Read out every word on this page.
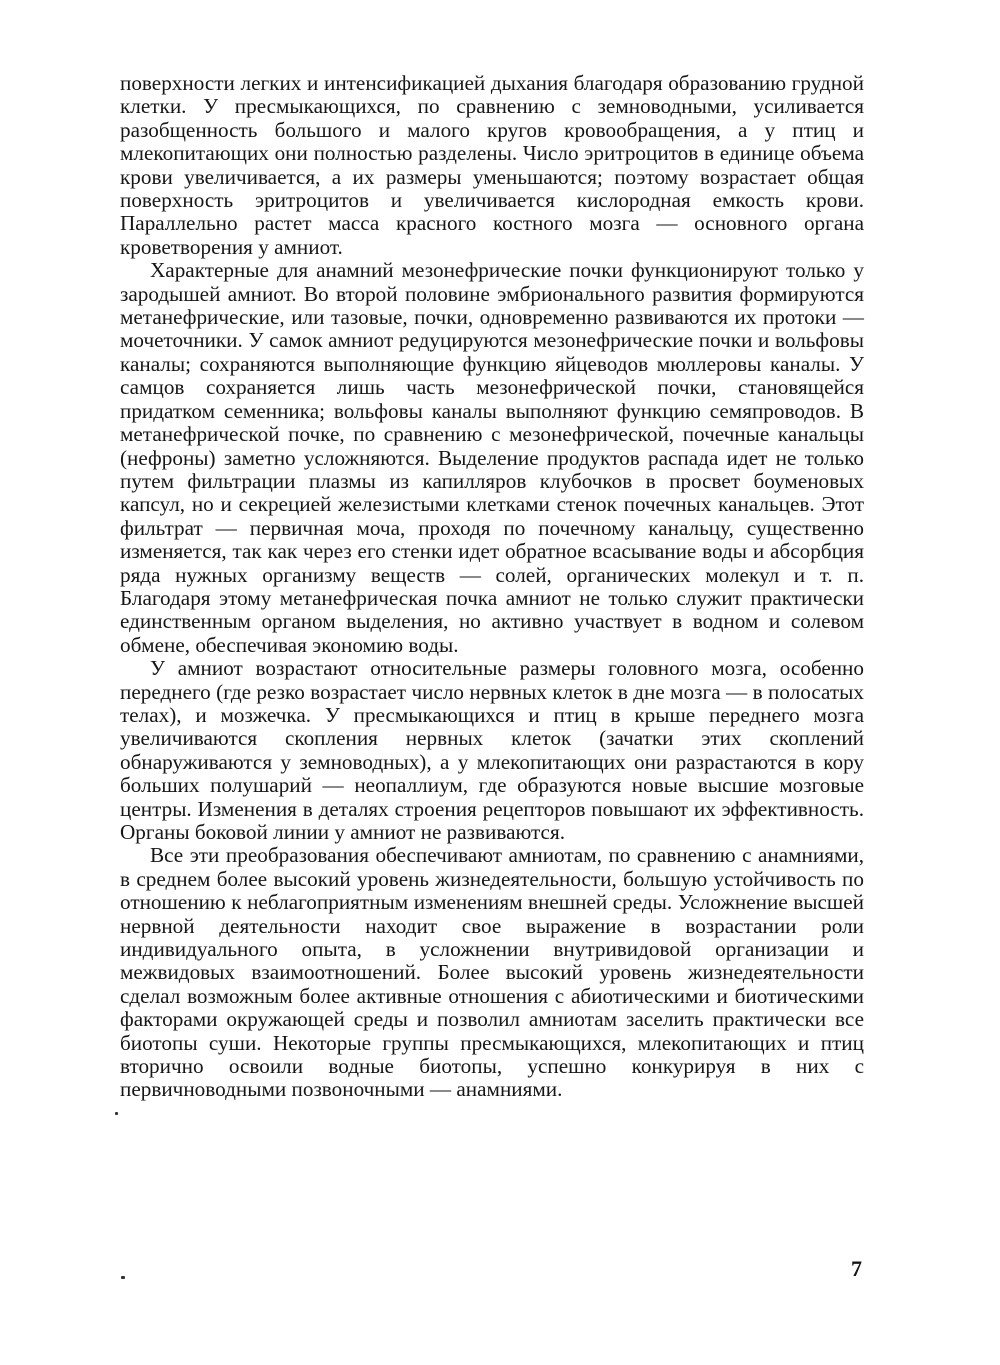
поверхности легких и интенсификацией дыхания благодаря образованию грудной клетки. У пресмыкающихся, по сравнению с земноводными, усиливается разобщенность большого и малого кругов кровообращения, а у птиц и млекопитающих они полностью разделены. Число эритроцитов в единице объема крови увеличивается, а их размеры уменьшаются; поэтому возрастает общая поверхность эритроцитов и увеличивается кислородная емкость крови. Параллельно растет масса красного костного мозга — основного органа кроветворения у амниот.

Характерные для анамний мезонефрические почки функционируют только у зародышей амниот. Во второй половине эмбрионального развития формируются метанефрические, или тазовые, почки, одновременно развиваются их протоки — мочеточники. У самок амниот редуцируются мезонефрические почки и вольфовы каналы; сохраняются выполняющие функцию яйцеводов мюллеровы каналы. У самцов сохраняется лишь часть мезонефрической почки, становящейся придатком семенника; вольфовы каналы выполняют функцию семяпроводов. В метанефрической почке, по сравнению с мезонефрической, почечные канальцы (нефроны) заметно усложняются. Выделение продуктов распада идет не только путем фильтрации плазмы из капилляров клубочков в просвет боуменовых капсул, но и секрецией железистыми клетками стенок почечных канальцев. Этот фильтрат — первичная моча, проходя по почечному канальцу, существенно изменяется, так как через его стенки идет обратное всасывание воды и абсорбция ряда нужных организму веществ — солей, органических молекул и т. п. Благодаря этому метанефрическая почка амниот не только служит практически единственным органом выделения, но активно участвует в водном и солевом обмене, обеспечивая экономию воды.

У амниот возрастают относительные размеры головного мозга, особенно переднего (где резко возрастает число нервных клеток в дне мозга — в полосатых телах), и мозжечка. У пресмыкающихся и птиц в крыше переднего мозга увеличиваются скопления нервных клеток (зачатки этих скоплений обнаруживаются у земноводных), а у млекопитающих они разрастаются в кору больших полушарий — неопаллиум, где образуются новые высшие мозговые центры. Изменения в деталях строения рецепторов повышают их эффективность. Органы боковой линии у амниот не развиваются.

Все эти преобразования обеспечивают амниотам, по сравнению с анамниями, в среднем более высокий уровень жизнедеятельности, большую устойчивость по отношению к неблагоприятным изменениям внешней среды. Усложнение высшей нервной деятельности находит свое выражение в возрастании роли индивидуального опыта, в усложнении внутривидовой организации и межвидовых взаимоотношений. Более высокий уровень жизнедеятельности сделал возможным более активные отношения с абиотическими и биотическими факторами окружающей среды и позволил амниотам заселить практически все биотопы суши. Некоторые группы пресмыкающихся, млекопитающих и птиц вторично освоили водные биотопы, успешно конкурируя в них с первичноводными позвоночными — анамниями.

7
